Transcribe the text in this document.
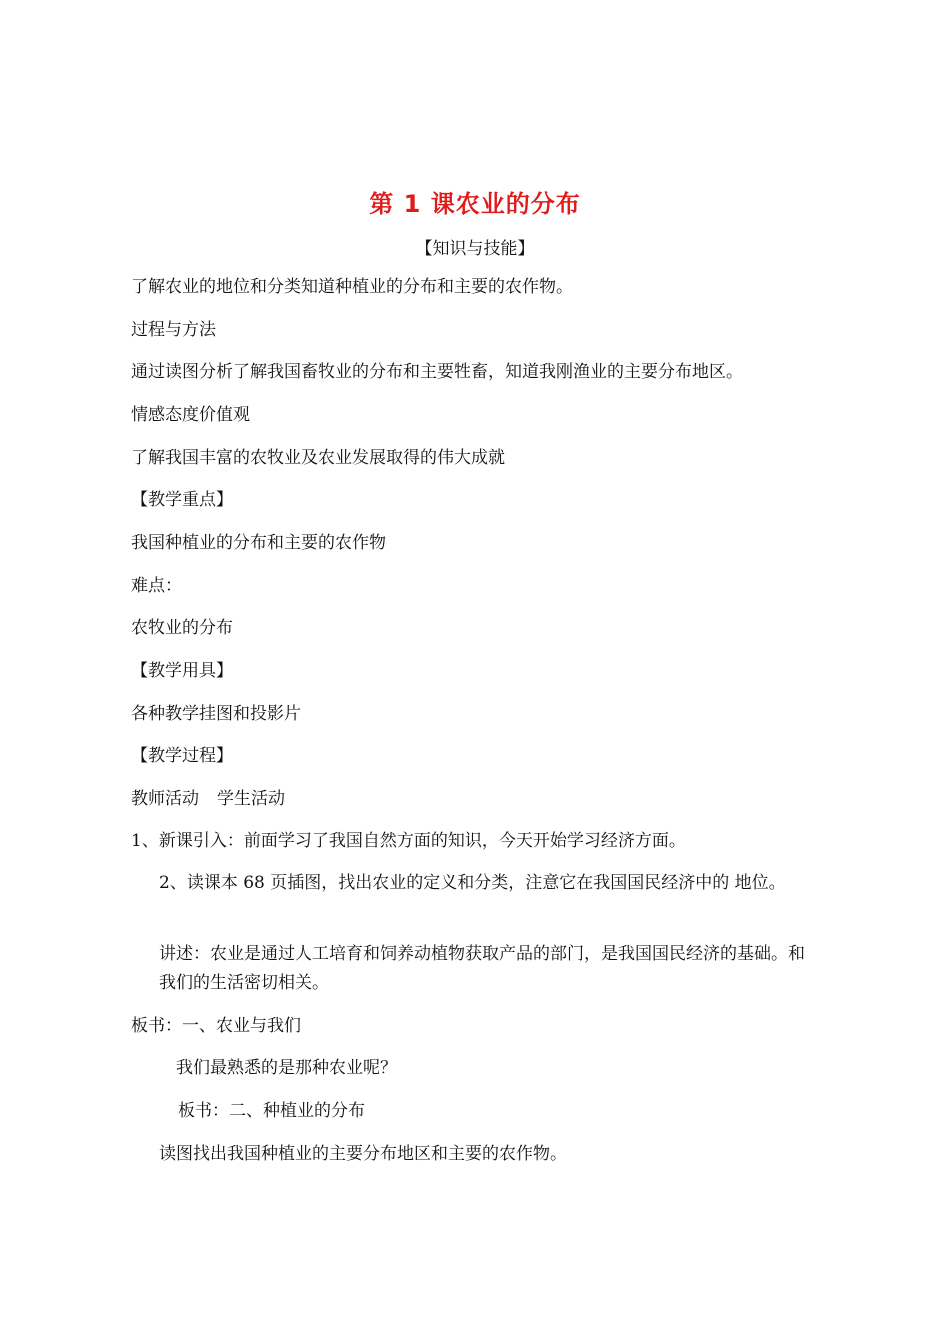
第 1 课农业的分布
【知识与技能】
了解农业的地位和分类知道种植业的分布和主要的农作物。
过程与方法
通过读图分析了解我国畜牧业的分布和主要牲畜，知道我刚渔业的主要分布地区。
情感态度价值观
了解我国丰富的农牧业及农业发展取得的伟大成就
【教学重点】
我国种植业的分布和主要的农作物
难点：
农牧业的分布
【教学用具】
各种教学挂图和投影片
【教学过程】
教师活动 学生活动
1、新课引入：前面学习了我国自然方面的知识，今天开始学习经济方面。
2、读课本 68 页插图，找出农业的定义和分类，注意它在我国国民经济中的 地位。
讲述：农业是通过人工培育和饲养动植物获取产品的部门，是我国国民经济的基础。和我们的生活密切相关。
板书：一、农业与我们
我们最熟悉的是那种农业呢？
板书：二、种植业的分布
读图找出我国种植业的主要分布地区和主要的农作物。
